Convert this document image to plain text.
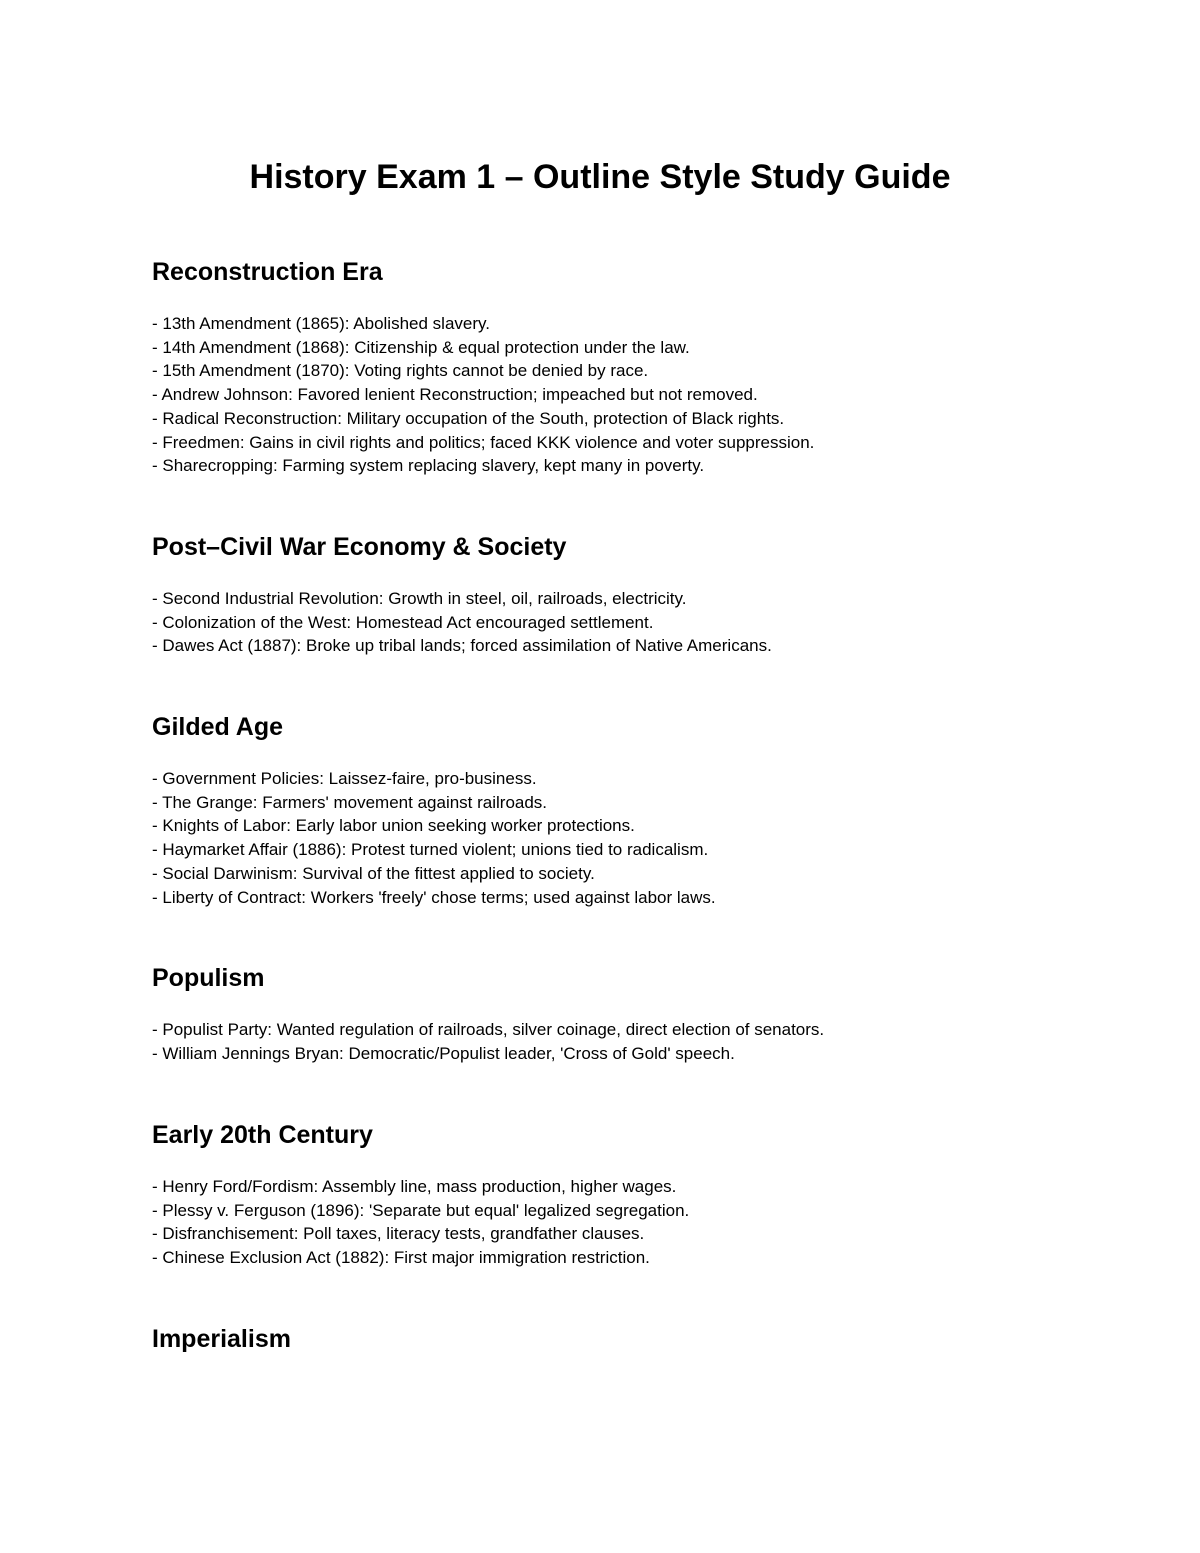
History Exam 1 – Outline Style Study Guide
Reconstruction Era
- 13th Amendment (1865): Abolished slavery.
- 14th Amendment (1868): Citizenship & equal protection under the law.
- 15th Amendment (1870): Voting rights cannot be denied by race.
- Andrew Johnson: Favored lenient Reconstruction; impeached but not removed.
- Radical Reconstruction: Military occupation of the South, protection of Black rights.
- Freedmen: Gains in civil rights and politics; faced KKK violence and voter suppression.
- Sharecropping: Farming system replacing slavery, kept many in poverty.
Post–Civil War Economy & Society
- Second Industrial Revolution: Growth in steel, oil, railroads, electricity.
- Colonization of the West: Homestead Act encouraged settlement.
- Dawes Act (1887): Broke up tribal lands; forced assimilation of Native Americans.
Gilded Age
- Government Policies: Laissez-faire, pro-business.
- The Grange: Farmers' movement against railroads.
- Knights of Labor: Early labor union seeking worker protections.
- Haymarket Affair (1886): Protest turned violent; unions tied to radicalism.
- Social Darwinism: Survival of the fittest applied to society.
- Liberty of Contract: Workers 'freely' chose terms; used against labor laws.
Populism
- Populist Party: Wanted regulation of railroads, silver coinage, direct election of senators.
- William Jennings Bryan: Democratic/Populist leader, 'Cross of Gold' speech.
Early 20th Century
- Henry Ford/Fordism: Assembly line, mass production, higher wages.
- Plessy v. Ferguson (1896): 'Separate but equal' legalized segregation.
- Disfranchisement: Poll taxes, literacy tests, grandfather clauses.
- Chinese Exclusion Act (1882): First major immigration restriction.
Imperialism
